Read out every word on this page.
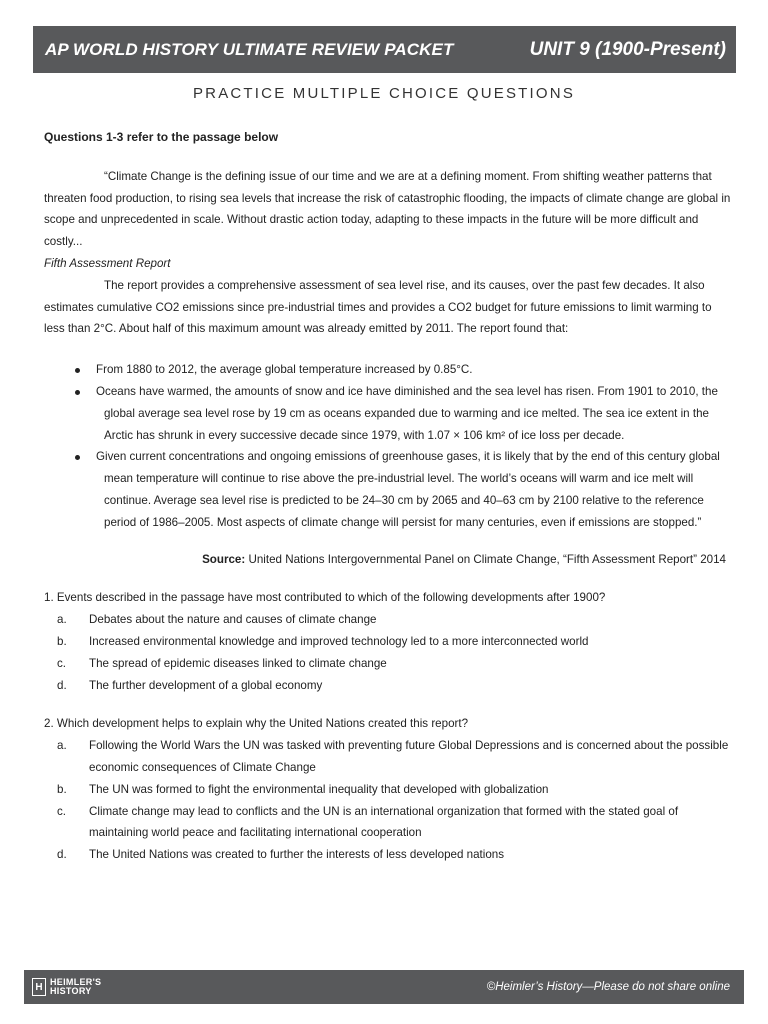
AP WORLD HISTORY ULTIMATE REVIEW PACKET	UNIT 9 (1900-Present)
PRACTICE MULTIPLE CHOICE QUESTIONS
Questions 1-3 refer to the passage below

“Climate Change is the defining issue of our time and we are at a defining moment. From shifting weather patterns that threaten food production, to rising sea levels that increase the risk of catastrophic flooding, the impacts of climate change are global in scope and unprecedented in scale. Without drastic action today, adapting to these impacts in the future will be more difficult and costly...

Fifth Assessment Report

The report provides a comprehensive assessment of sea level rise, and its causes, over the past few decades. It also estimates cumulative CO2 emissions since pre-industrial times and provides a CO2 budget for future emissions to limit warming to less than 2°C. About half of this maximum amount was already emitted by 2011. The report found that:

From 1880 to 2012, the average global temperature increased by 0.85°C.
Oceans have warmed, the amounts of snow and ice have diminished and the sea level has risen. From 1901 to 2010, the global average sea level rose by 19 cm as oceans expanded due to warming and ice melted. The sea ice extent in the Arctic has shrunk in every successive decade since 1979, with 1.07 × 106 km² of ice loss per decade.
Given current concentrations and ongoing emissions of greenhouse gases, it is likely that by the end of this century global mean temperature will continue to rise above the pre-industrial level. The world’s oceans will warm and ice melt will continue. Average sea level rise is predicted to be 24–30 cm by 2065 and 40–63 cm by 2100 relative to the reference period of 1986–2005. Most aspects of climate change will persist for many centuries, even if emissions are stopped.”
Source: United Nations Intergovernmental Panel on Climate Change, “Fifth Assessment Report” 2014
1. Events described in the passage have most contributed to which of the following developments after 1900?
a.	Debates about the nature and causes of climate change
b.	Increased environmental knowledge and improved technology led to a more interconnected world
c.	The spread of epidemic diseases linked to climate change
d.	The further development of a global economy
2. Which development helps to explain why the United Nations created this report?
a.	Following the World Wars the UN was tasked with preventing future Global Depressions and is concerned about the possible economic consequences of Climate Change
b.	The UN was formed to fight the environmental inequality that developed with globalization
c.	Climate change may lead to conflicts and the UN is an international organization that formed with the stated goal of maintaining world peace and facilitating international cooperation
d.	The United Nations was created to further the interests of less developed nations
H HEIMLER'S
HISTORY	©Heimler’s History—Please do not share online
